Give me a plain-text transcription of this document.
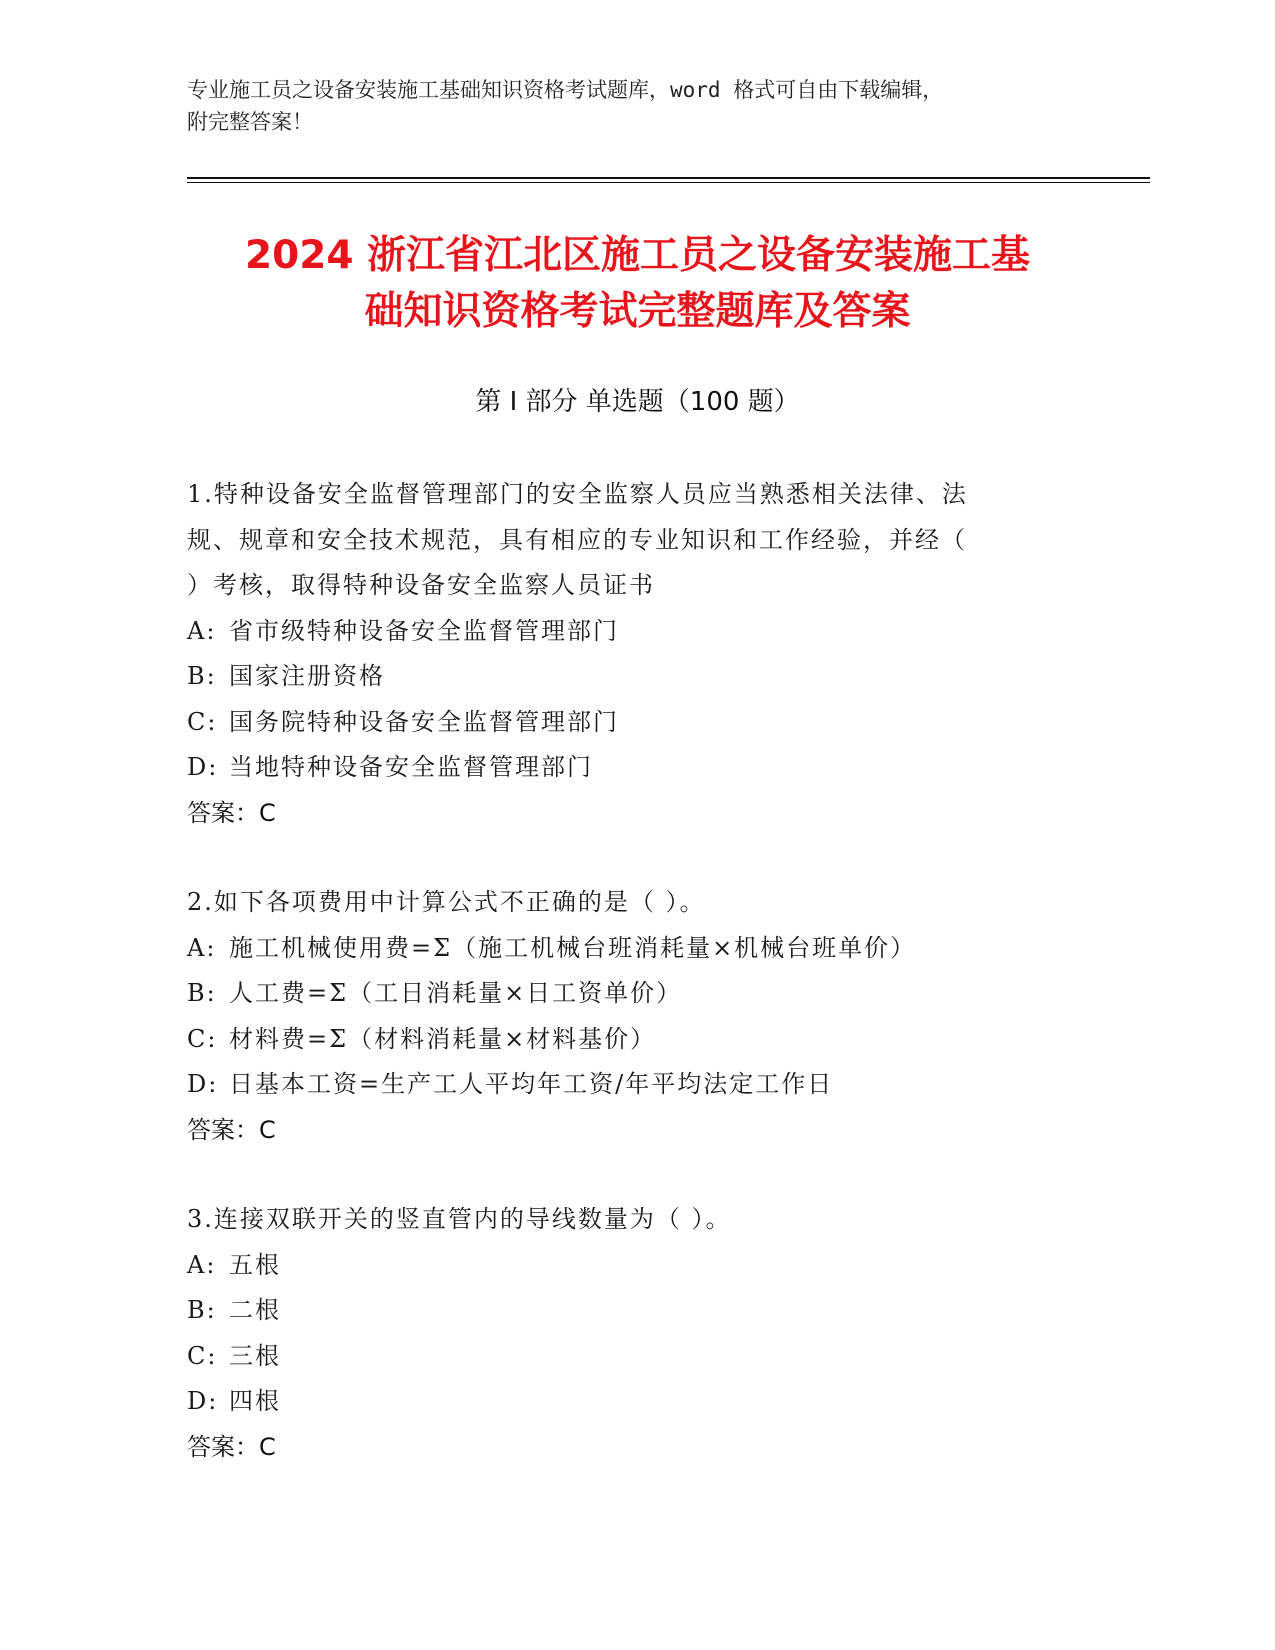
专业施工员之设备安装施工基础知识资格考试题库，word 格式可自由下载编辑，
附完整答案！
2024 浙江省江北区施工员之设备安装施工基
础知识资格考试完整题库及答案
第 I 部分 单选题（100 题）
1.特种设备安全监督管理部门的安全监察人员应当熟悉相关法律、法
规、规章和安全技术规范，具有相应的专业知识和工作经验，并经（
）考核，取得特种设备安全监察人员证书
A: 省市级特种设备安全监督管理部门
B: 国家注册资格
C: 国务院特种设备安全监督管理部门
D: 当地特种设备安全监督管理部门
答案：C
2.如下各项费用中计算公式不正确的是（ ）。
A: 施工机械使用费=Σ（施工机械台班消耗量×机械台班单价）
B: 人工费=Σ（工日消耗量×日工资单价）
C: 材料费=Σ（材料消耗量×材料基价）
D: 日基本工资=生产工人平均年工资/年平均法定工作日
答案：C
3.连接双联开关的竖直管内的导线数量为（ ）。
A: 五根
B: 二根
C: 三根
D: 四根
答案：C
